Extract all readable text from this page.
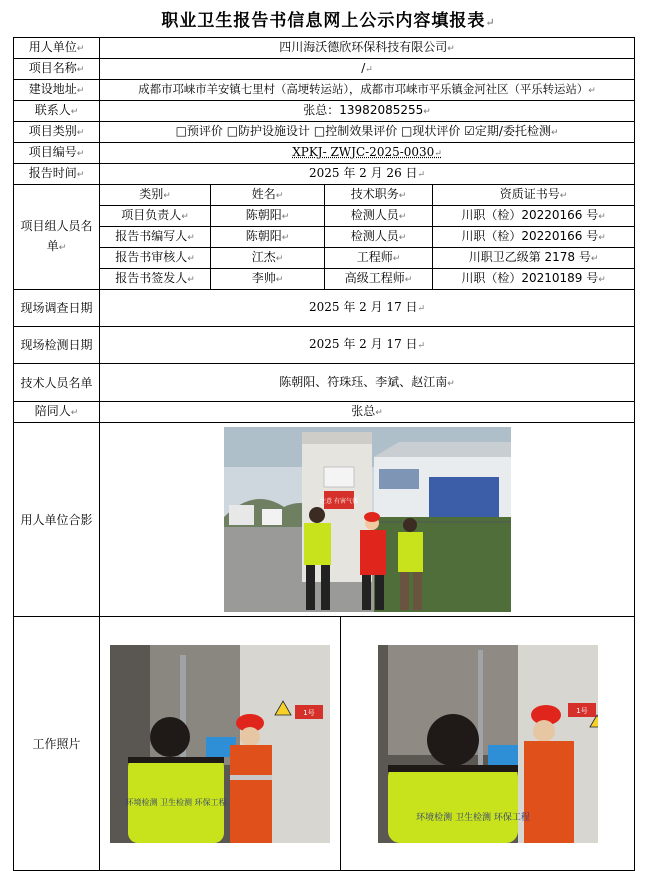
职业卫生报告书信息网上公示内容填报表↵
用人单位↵	四川海沃德欣环保科技有限公司↵				
项目名称↵	/↵				
建设地址↵	成都市邛崃市羊安镇七里村（高埂转运站），成都市邛崃市平乐镇金河社区（平乐转运站）↵				
联系人↵	张总：13982085255↵				
项目类别↵	□预评价 □防护设施设计 □控制效果评价 □现状评价 ☑定期/委托检测↵				
项目编号↵	XPKJ- ZWJC-2025-0030↵				
报告时间↵	2025 年 2 月 26 日↵				
项目组人员名单↵	类别↵	姓名↵	技术职务↵		资质证书号↵
	项目负责人↵	陈朝阳↵	检测人员↵		川职（检）20220166 号↵
	报告书编写人↵	陈朝阳↵	检测人员↵		川职（检）20220166 号↵
	报告书审核人↵	江杰↵	工程师↵		川职卫乙级第 2178 号↵
	报告书签发人↵	李帅↵	高级工程师↵		川职（检）20210189 号↵
现场调查日期	2025 年 2 月 17 日↵				
现场检测日期	2025 年 2 月 17 日↵				
技术人员名单	陈朝阳、符珠珏、李斌、赵江南↵				
陪同人↵	张总↵				
用人单位合影	注意 有害气体				

工作照片	1号
环境检测 卫生检测 环保工程			1号
环境检测 卫生检测 环保工程	
